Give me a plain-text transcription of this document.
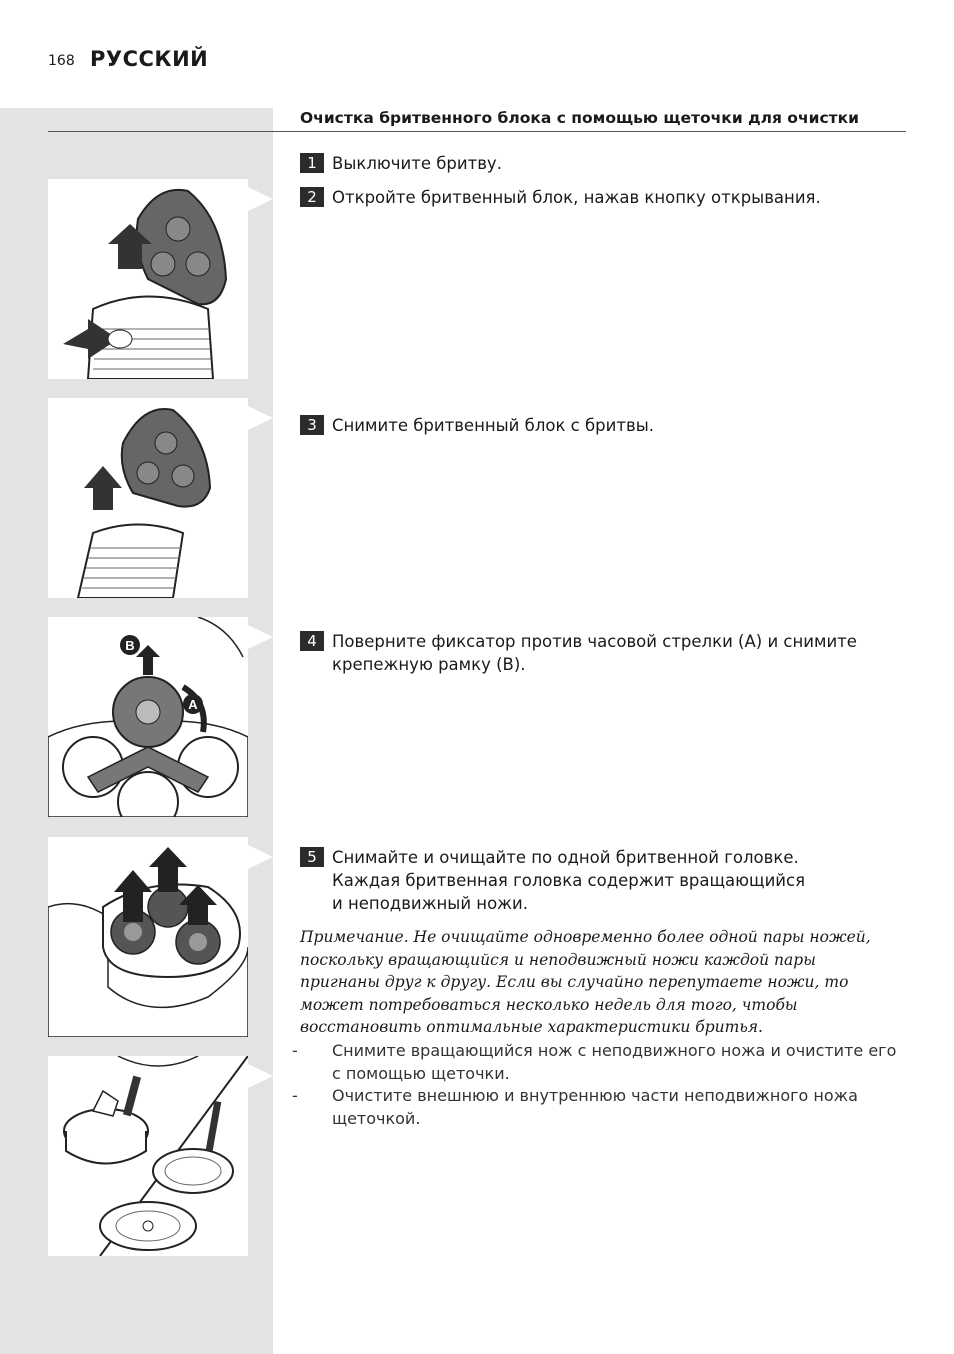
168 РУССКИЙ
Очистка бритвенного блока с помощью щеточки для очистки
1 Выключите бритву.
2 Откройте бритвенный блок, нажав кнопку открывания.
3 Снимите бритвенный блок с бритвы.
4 Поверните фиксатор против часовой стрелки (A) и снимите крепежную рамку (B).
5 Снимайте и очищайте по одной бритвенной головке. Каждая бритвенная головка содержит вращающийся и неподвижный ножи.
Примечание. Не очищайте одновременно более одной пары ножей, поскольку вращающийся и неподвижный ножи каждой пары пригнаны друг к другу. Если вы случайно перепутаете ножи, то может потребоваться несколько недель для того, чтобы восстановить оптимальные характеристики бритья.
-	Снимите вращающийся нож с неподвижного ножа и очистите его с помощью щеточки.
-	Очистите внешнюю и внутреннюю части неподвижного ножа щеточкой.
B
A
